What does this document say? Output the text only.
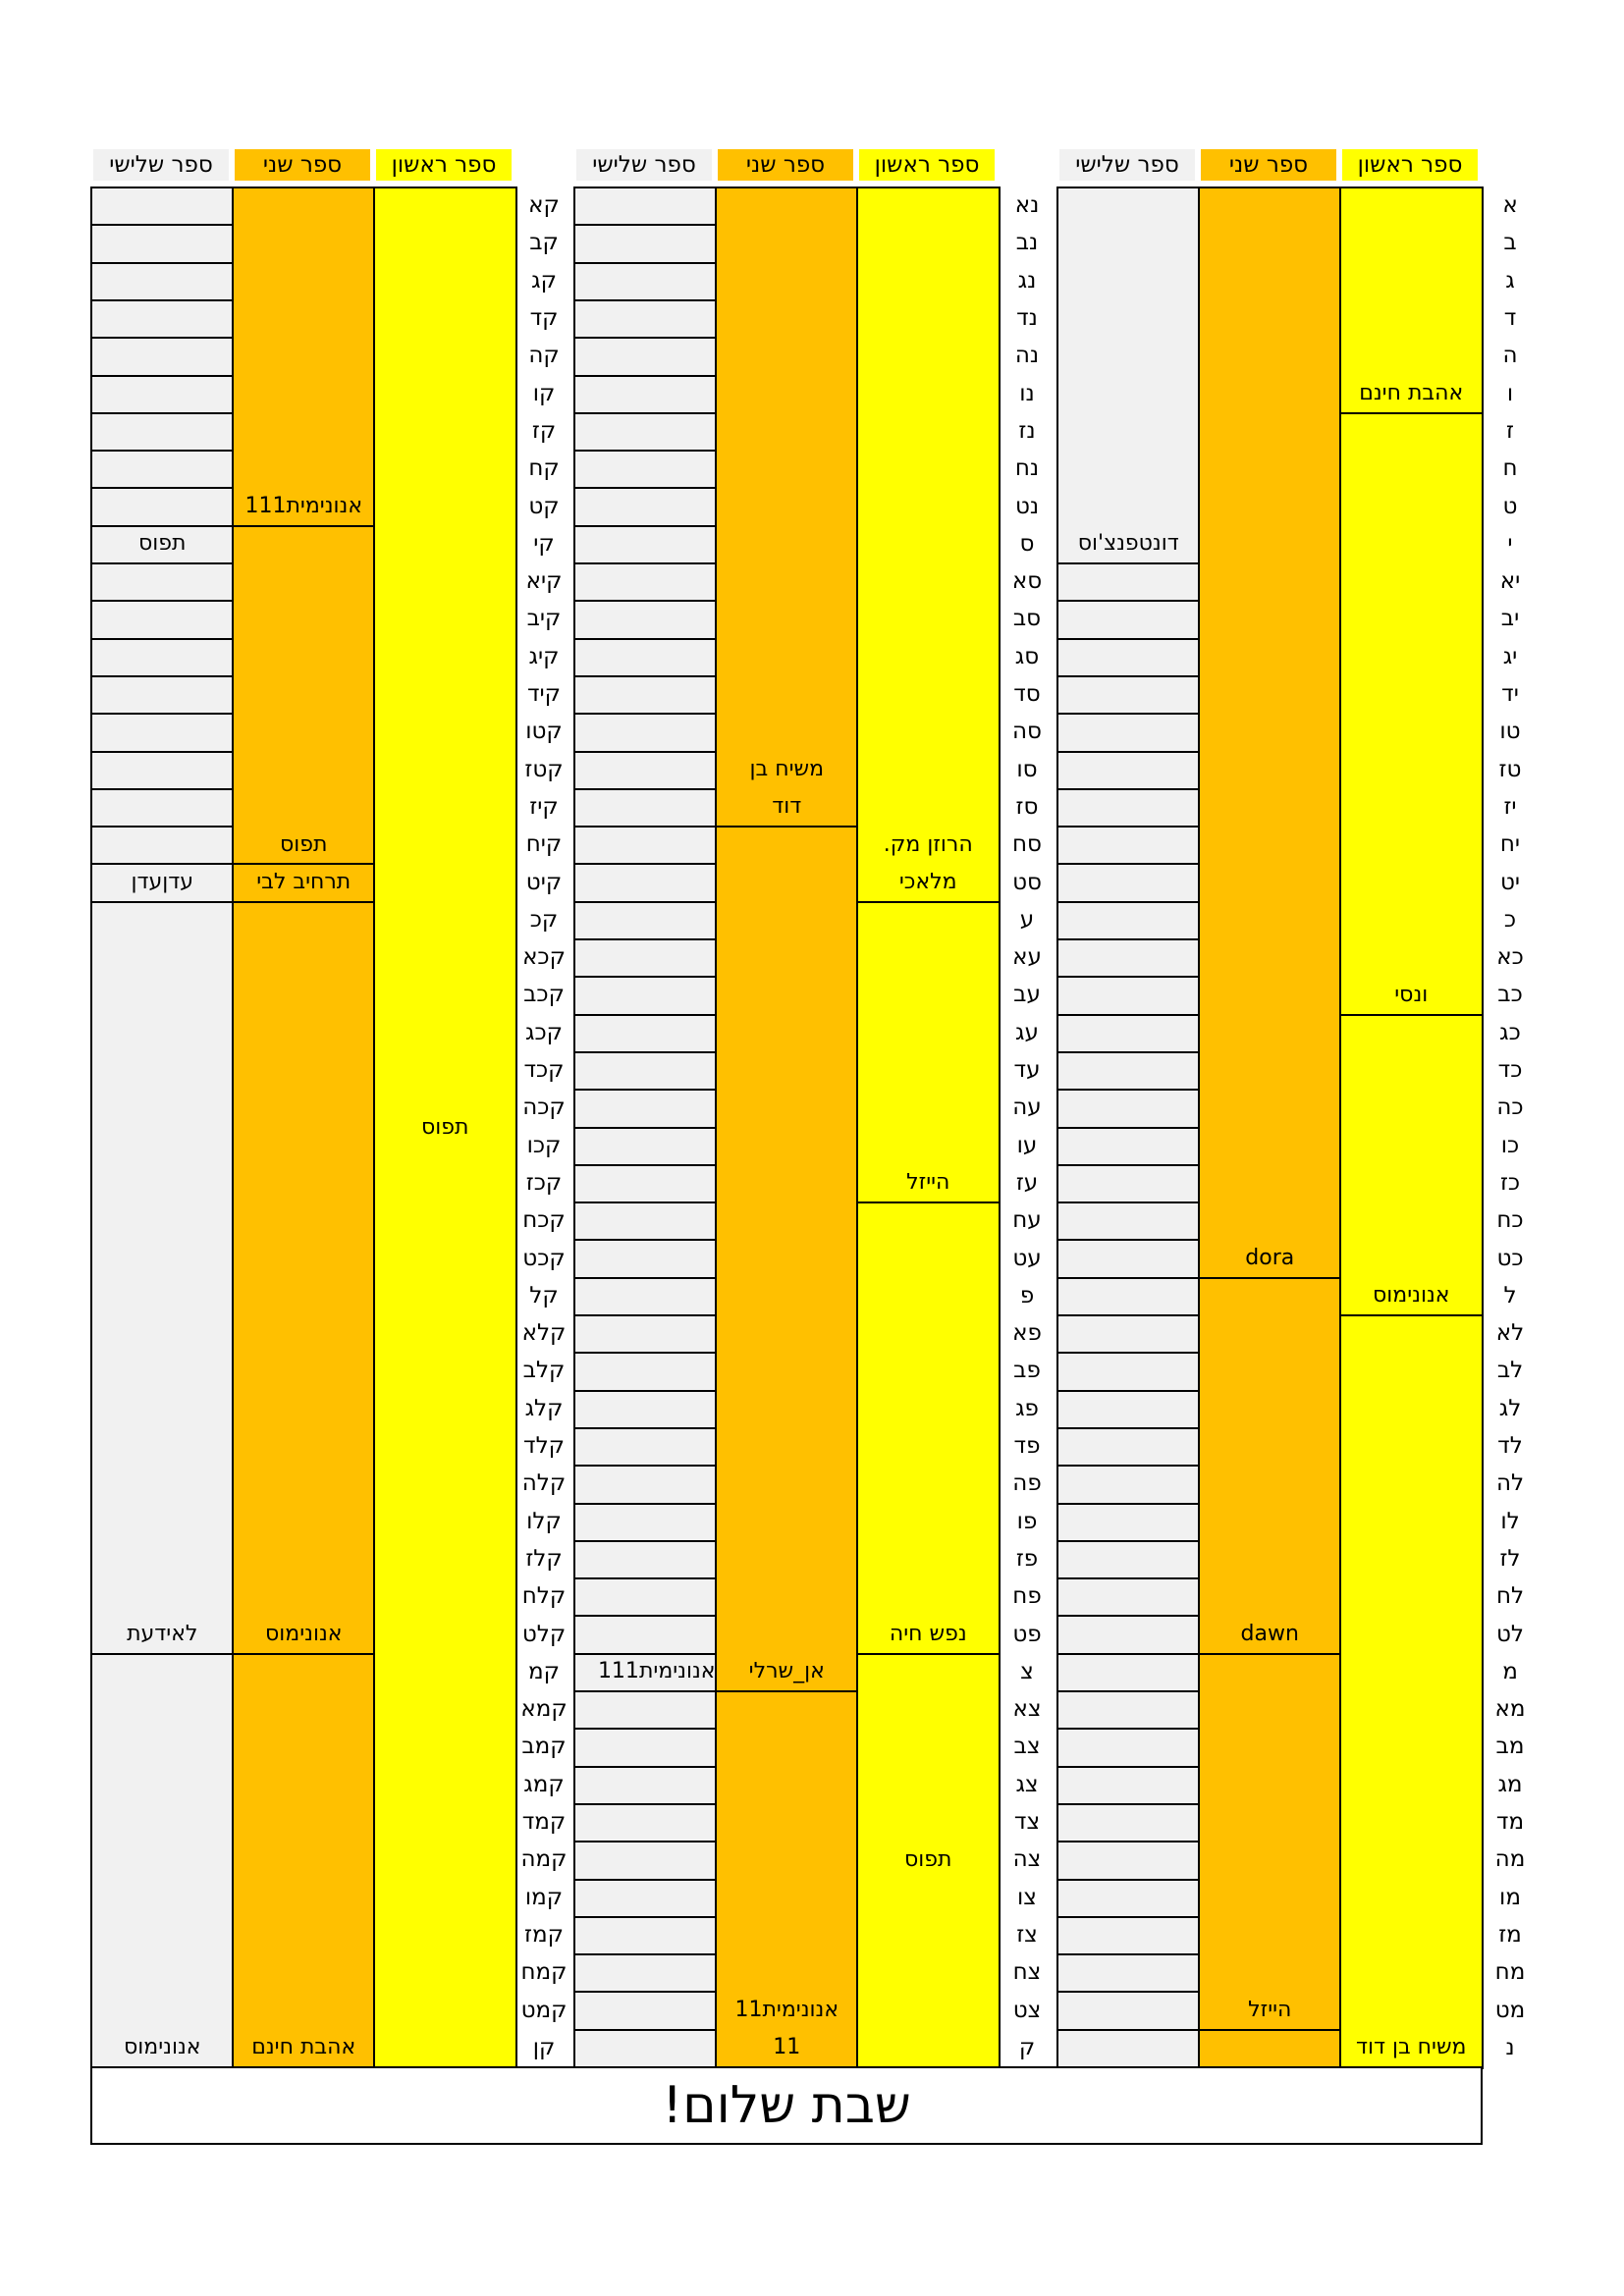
ספר שלישי ספר שני ספר ראשון
א
ב
ג
ד
ה
ו
ז
ח
ט
י
יא
יב
יג
יד
טו
טז
יז
יח
יט
כ
כא
כב
כג
כד
כה
כו
כז
כח
כט
ל
לא
לב
לג
לד
לה
לו
לז
לח
לט
מ
מא
מב
מג
מד
מה
מו
מז
מח
מט
נ
דונטפנצ'וס
dora
dawn
הייזל
אהבת חינם
ונסי
אנונימוס
משיח בן דוד
ספר שלישי ספר שני ספר ראשון
נא
נב
נג
נד
נה
נו
נז
נח
נט
ס
סא
סב
סג
סד
סה
סו
סז
סח
סט
ע
עא
עב
עג
עד
עה
עו
עז
עח
עט
פ
פא
פב
פג
פד
פה
פו
פז
פח
פט
צ
צא
צב
צג
צד
צה
צו
צז
צח
צט
ק
אנונימית111
משיח בן
דוד
אן_שרלי
אנונימית11
11
הרוזן מק.
מלאכי
הייזל
נפש חיה
תפוס
ספר שלישי ספר שני ספר ראשון
קא
קב
קג
קד
קה
קו
קז
קח
קט
קי
קיא
קיב
קיג
קיד
קטו
קטז
קיז
קיח
קיט
קכ
קכא
קכב
קכג
קכד
קכה
קכו
קכז
קכח
קכט
קל
קלא
קלב
קלג
קלד
קלה
קלו
קלז
קלח
קלט
קמ
קמא
קמב
קמג
קמד
קמה
קמו
קמז
קמח
קמט
קן
תפוס
עדןעדן
לאידעת
אנונימוס
אנונימית111
תפוס
תרחיב לבי
אנונימוס
אהבת חינם
תפוס
שבת שלום!
